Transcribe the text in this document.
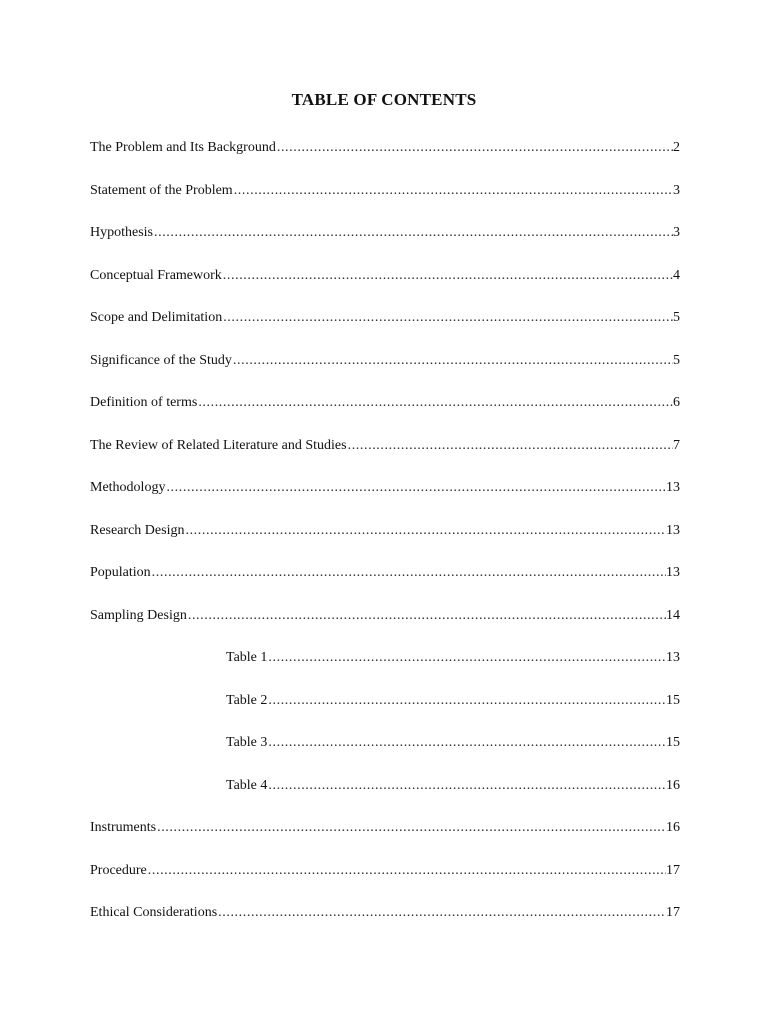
TABLE OF CONTENTS
The Problem and Its Background .....	2
Statement of the Problem .....	3
Hypothesis .....	3
Conceptual Framework .....	4
Scope and Delimitation .....	5
Significance of the Study .....	5
Definition of terms .....	6
The Review of Related Literature and Studies .....	7
Methodology .....	13
Research Design .....	13
Population .....	13
Sampling Design .....	14
Table 1 .....	13
Table 2 .....	15
Table 3 .....	15
Table 4 .....	16
Instruments .....	16
Procedure .....	17
Ethical Considerations .....	17
